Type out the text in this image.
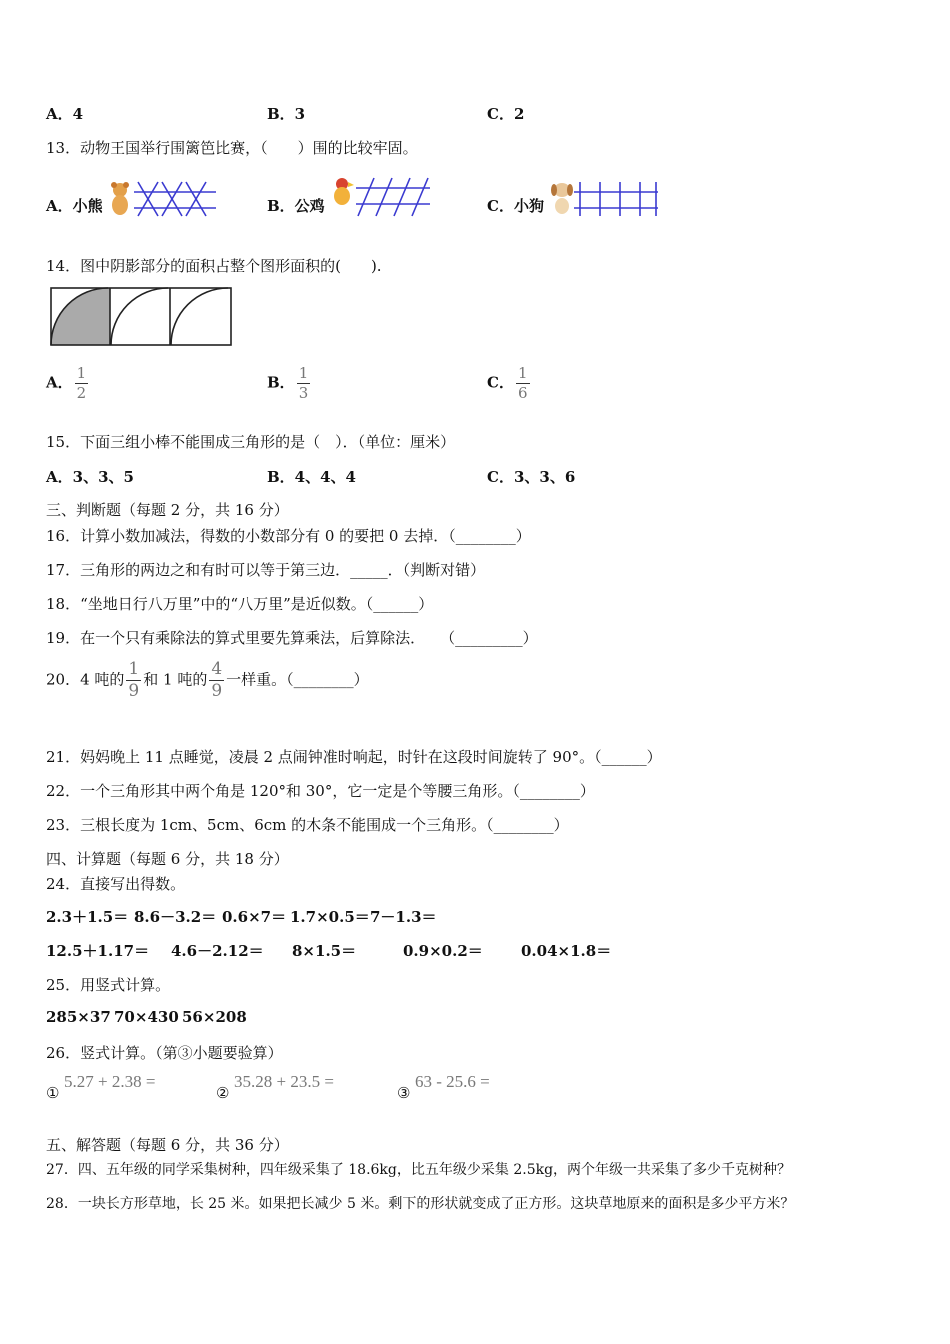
A．4	B．3	C．2
13．动物王国举行围篱笆比赛，（　　）围的比较牢固。
A．小熊	B．公鸡	C．小狗
14．图中阴影部分的面积占整个图形面积的(　　).
A． $\frac{1}{2}$	B． $\frac{1}{3}$	C． $\frac{1}{6}$
15．下面三组小棒不能围成三角形的是（　）．（单位：厘米）
A．3、3、5	B．4、4、4	C．3、3、6
三、判断题（每题 2 分，共 16 分）
16．计算小数加减法，得数的小数部分有 0 的要把 0 去掉．（________）
17．三角形的两边之和有时可以等于第三边．_____．（判断对错）
18．“坐地日行八万里”中的“八万里”是近似数。（______）
19．在一个只有乘除法的算式里要先算乘法，后算除法．　　（_________）
20．4 吨的 $\frac{1}{9}$ 和 1 吨的 $\frac{4}{9}$ 一样重。（________）
21．妈妈晚上 11 点睡觉，凌晨 2 点闹钟准时响起，时针在这段时间旋转了 90°。（______）
22．一个三角形其中两个角是 120°和 30°，它一定是个等腰三角形。（________）
23．三根长度为 1cm、5cm、6cm 的木条不能围成一个三角形。（________）
四、计算题（每题 6 分，共 18 分）
24．直接写出得数。
2.3＋1.5＝ 8.6－3.2＝ 0.6×7＝ 1.7×0.5＝ 7－1.3＝
12.5＋1.17＝ 4.6－2.12＝ 8×1.5＝	0.9×0.2＝	0.04×1.8＝
25．用竖式计算。
285×37 70×430 56×208
26．竖式计算。（第③小题要验算）
①
5.27 + 2.38 =
②
35.28 + 23.5 =
③
63 - 25.6 =
五、解答题（每题 6 分，共 36 分）
27．四、五年级的同学采集树种，四年级采集了 18.6kg，比五年级少采集 2.5kg，两个年级一共采集了多少千克树种？
28．一块长方形草地，长 25 米。如果把长减少 5 米。剩下的形状就变成了正方形。这块草地原来的面积是多少平方米？
